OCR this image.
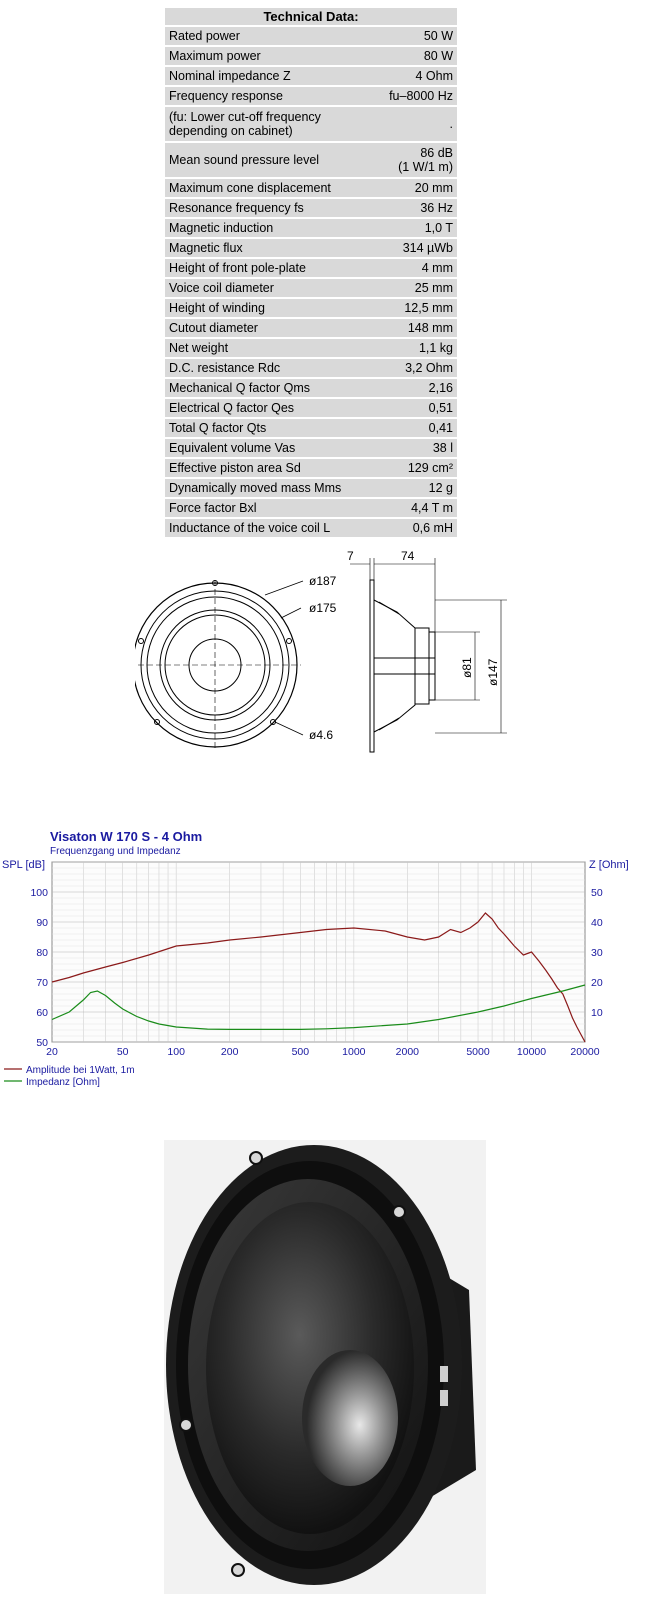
Technical Data:	
Rated power	50 W
Maximum power	80 W
Nominal impedance Z	4 Ohm
Frequency response	fu–8000 Hz
(fu: Lower cut-off frequency depending on cabinet)	.
Mean sound pressure level	86 dB
(1 W/1 m)
Maximum cone displacement	20 mm
Resonance frequency fs	36 Hz
Magnetic induction	1,0 T
Magnetic flux	314 µWb
Height of front pole-plate	4 mm
Voice coil diameter	25 mm
Height of winding	12,5 mm
Cutout diameter	148 mm
Net weight	1,1 kg
D.C. resistance Rdc	3,2 Ohm
Mechanical Q factor Qms	2,16
Electrical Q factor Qes	0,51
Total Q factor Qts	0,41
Equivalent volume Vas	38 l
Effective piston area Sd	129 cm²
Dynamically moved mass Mms	12 g
Force factor Bxl	4,4 T m
Inductance of the voice coil L	0,6 mH
ø187
ø175
ø4.6
7	74
ø81 ø147
Visaton W 170 S - 4 Ohm
Frequenzgang und Impedanz
SPL [dB]	Z [Ohm]
20	50	100	200	500	1000	2000	5000	10000 20000
50
60
70
80
90
100
10
20
30
40
50
Amplitude bei 1Watt, 1m
Impedanz [Ohm]
